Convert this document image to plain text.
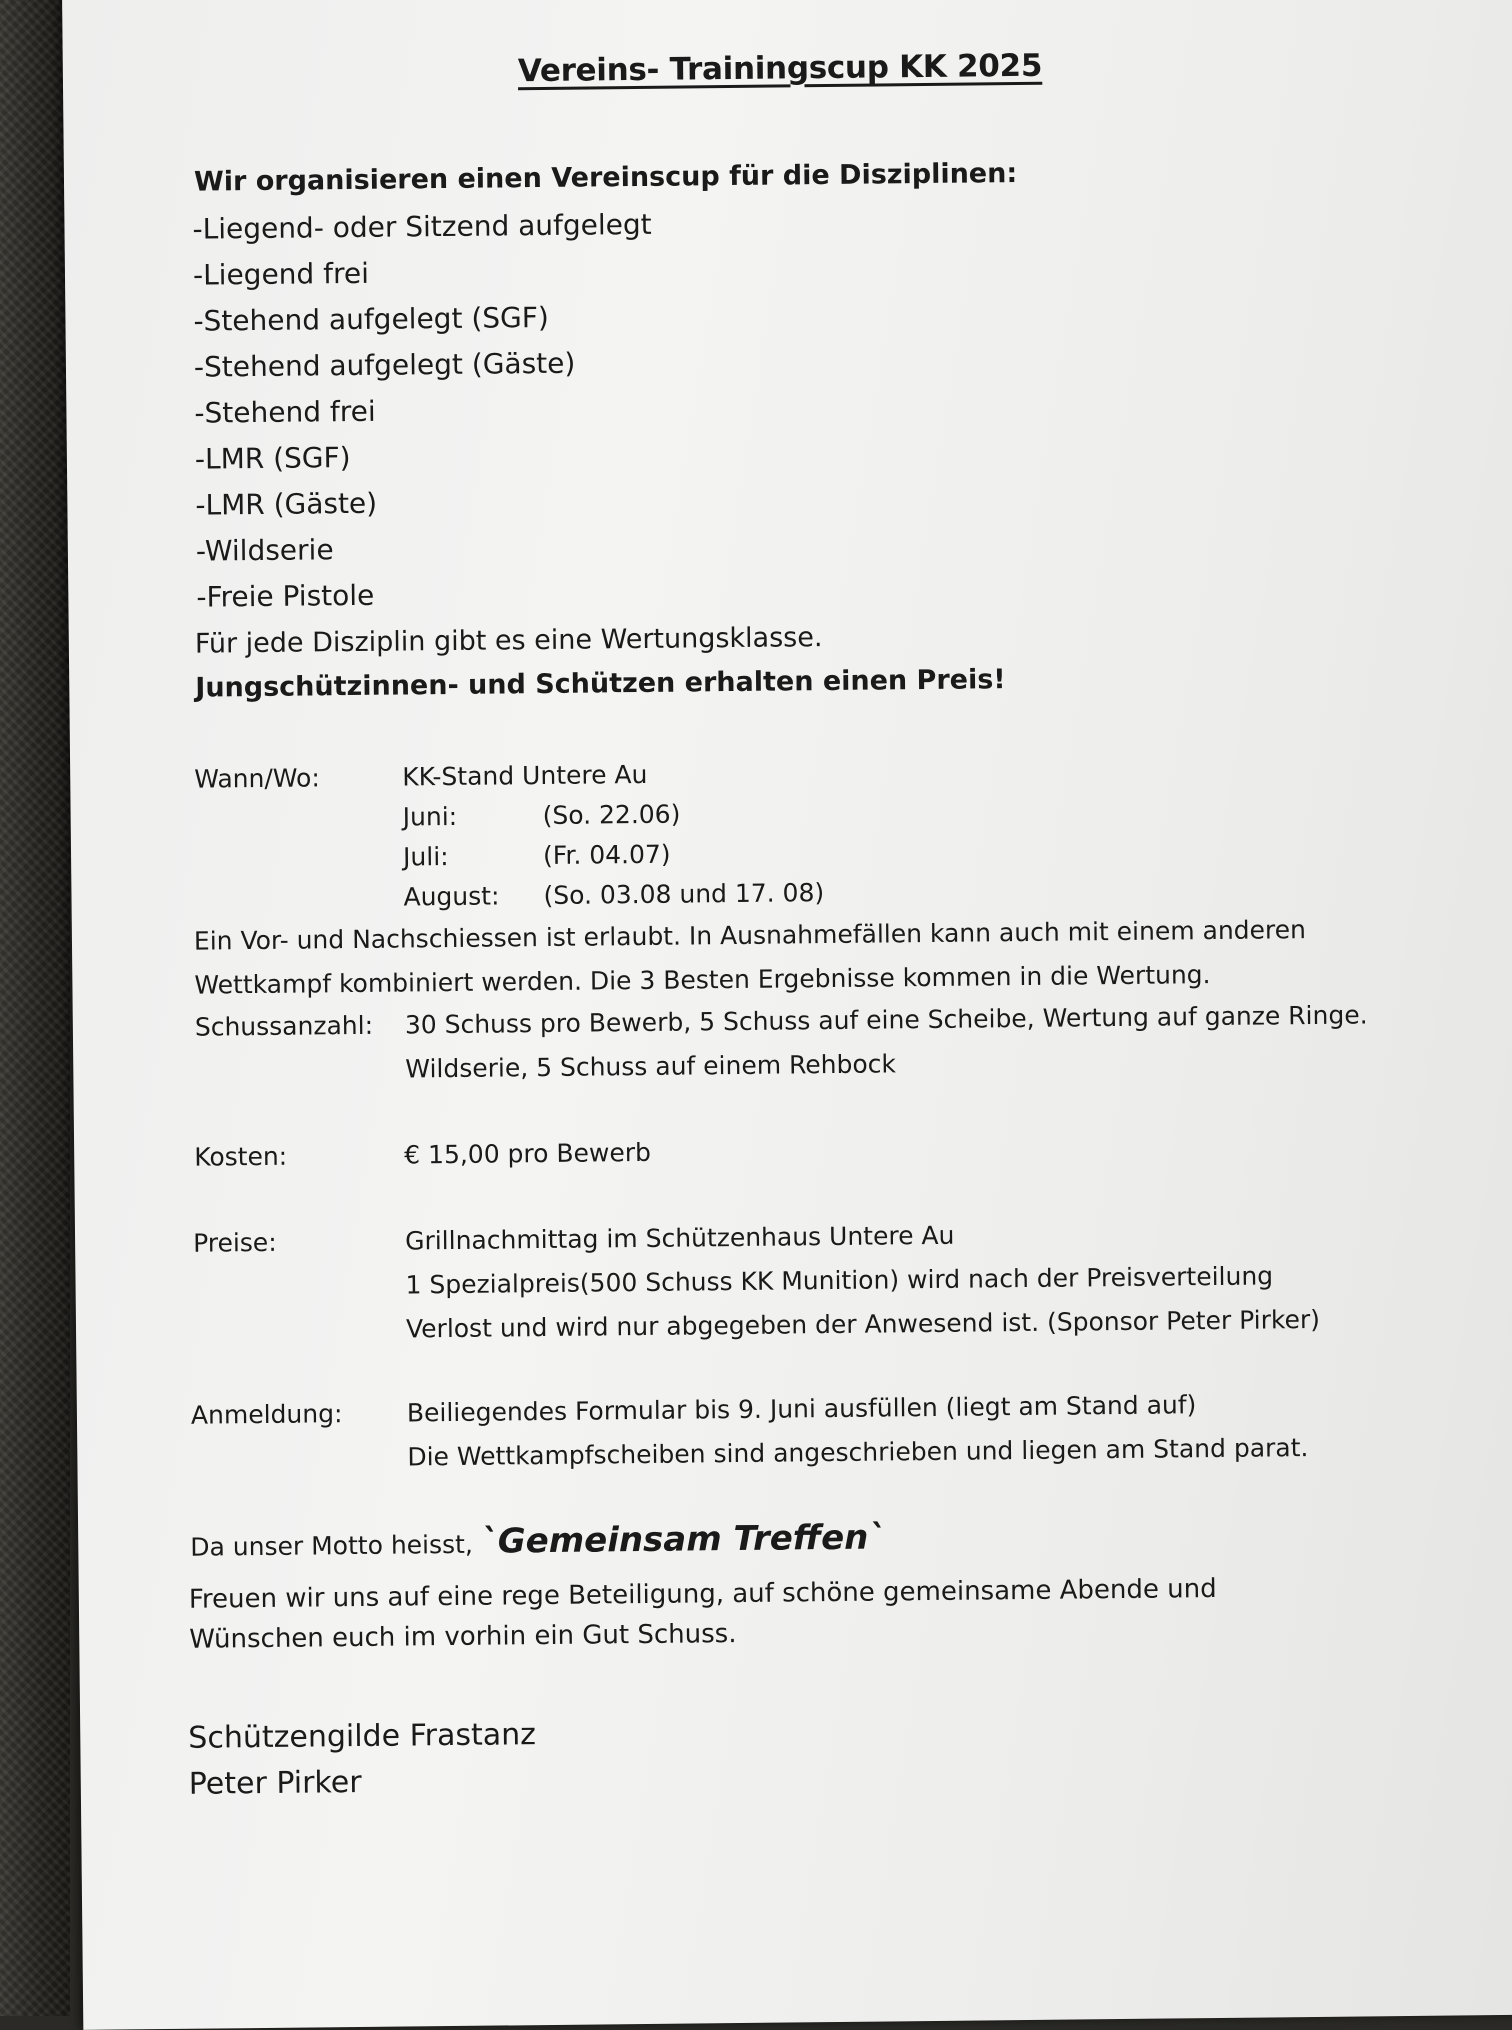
Vereins- Trainingscup KK 2025
Wir organisieren einen Vereinscup für die Disziplinen:
-Liegend- oder Sitzend aufgelegt
-Liegend frei
-Stehend aufgelegt (SGF)
-Stehend aufgelegt (Gäste)
-Stehend frei
-LMR (SGF)
-LMR (Gäste)
-Wildserie
-Freie Pistole
Für jede Disziplin gibt es eine Wertungsklasse.
Jungschützinnen- und Schützen erhalten einen Preis!
Wann/Wo:	KK-Stand Untere Au
Juni:	(So. 22.06)
Juli:	(Fr. 04.07)
August: (So. 03.08 und 17. 08)
Ein Vor- und Nachschiessen ist erlaubt. In Ausnahmefällen kann auch mit einem anderen
Wettkampf kombiniert werden. Die 3 Besten Ergebnisse kommen in die Wertung.
Schussanzahl: 30 Schuss pro Bewerb, 5 Schuss auf eine Scheibe, Wertung auf ganze Ringe.
Wildserie, 5 Schuss auf einem Rehbock
Kosten:	€ 15,00 pro Bewerb
Preise:	Grillnachmittag im Schützenhaus Untere Au
1 Spezialpreis(500 Schuss KK Munition) wird nach der Preisverteilung
Verlost und wird nur abgegeben der Anwesend ist. (Sponsor Peter Pirker)
Anmeldung:	Beiliegendes Formular bis 9. Juni ausfüllen (liegt am Stand auf)
Die Wettkampfscheiben sind angeschrieben und liegen am Stand parat.
Da unser Motto heisst, `Gemeinsam Treffen`
Freuen wir uns auf eine rege Beteiligung, auf schöne gemeinsame Abende und
Wünschen euch im vorhin ein Gut Schuss.
Schützengilde Frastanz
Peter Pirker
